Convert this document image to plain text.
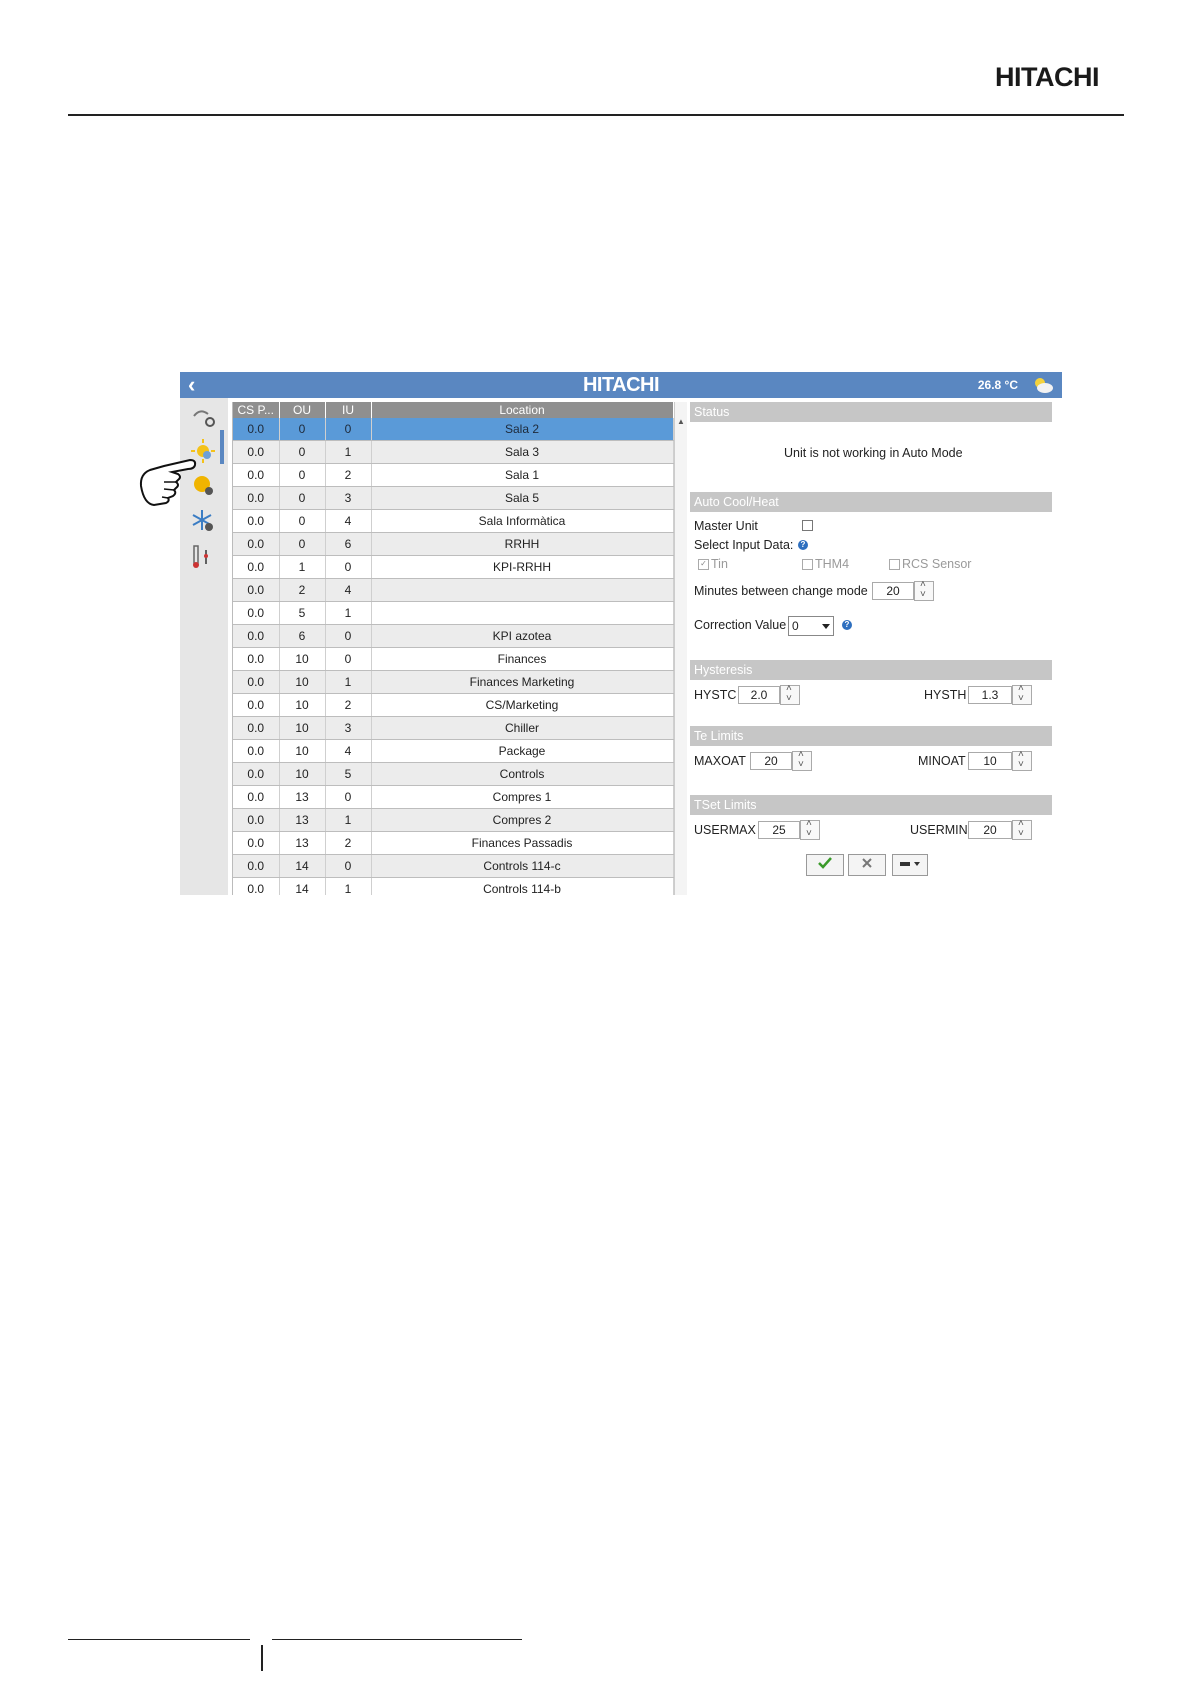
HITACHI
‹	HITACHI	26.8 °C
CS P...	OU	IU	Location
0.0	0	0	Sala 2
0.0	0	1	Sala 3
0.0	0	2	Sala 1
0.0	0	3	Sala 5
0.0	0	4	Sala Informàtica
0.0	0	6	RRHH
0.0	1	0	KPI-RRHH
0.0	2	4	
0.0	5	1	
0.0	6	0	KPI azotea
0.0	10	0	Finances
0.0	10	1	Finances Marketing
0.0	10	2	CS/Marketing
0.0	10	3	Chiller
0.0	10	4	Package
0.0	10	5	Controls
0.0	13	0	Compres 1
0.0	13	1	Compres 2
0.0	13	2	Finances Passadis
0.0	14	0	Controls 114-c
0.0	14	1	Controls 114-b
▲
Status
Unit is not working in Auto Mode
Auto Cool/Heat
Master Unit
Select Input Data: ?
✓ Tin	THM4	RCS Sensor
Minutes between change mode	20
˄ ˅
Correction Value 0	?
Hysteresis
HYSTC	2.0 ˄ ˅	HYSTH	1.3
˄ ˅
Te Limits
MAXOAT	20 ˄ ˅	MINOAT	10
˄ ˅
TSet Limits
USERMAX	25 ˄ ˅	USERMIN	20
˄ ˅
